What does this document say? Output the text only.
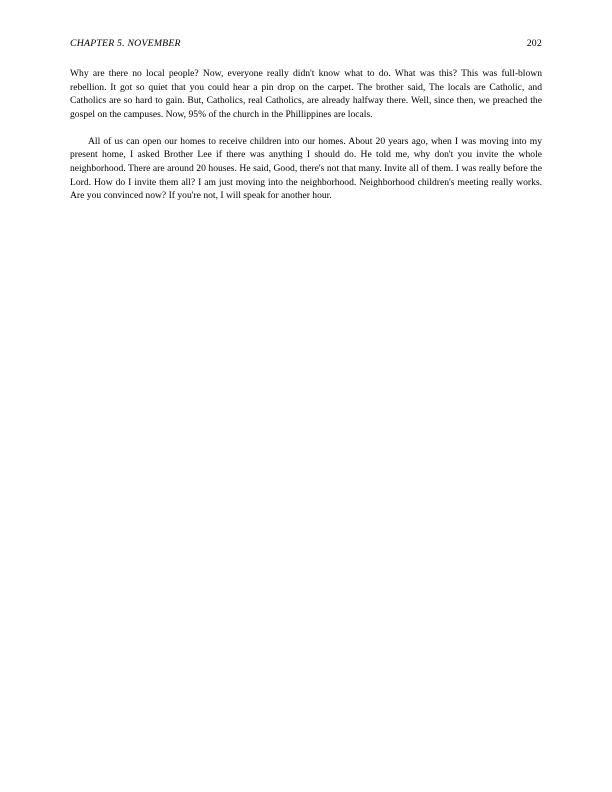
CHAPTER 5. NOVEMBER	202

Why are there no local people? Now, everyone really didn't know what to do. What was this? This was full-blown rebellion. It got so quiet that you could hear a pin drop on the carpet. The brother said, The locals are Catholic, and Catholics are so hard to gain. But, Catholics, real Catholics, are already halfway there. Well, since then, we preached the gospel on the campuses. Now, 95% of the church in the Phillippines are locals.

All of us can open our homes to receive children into our homes. About 20 years ago, when I was moving into my present home, I asked Brother Lee if there was anything I should do. He told me, why don't you invite the whole neighborhood. There are around 20 houses. He said, Good, there's not that many. Invite all of them. I was really before the Lord. How do I invite them all? I am just moving into the neighborhood. Neighborhood children's meeting really works. Are you convinced now? If you're not, I will speak for another hour.
